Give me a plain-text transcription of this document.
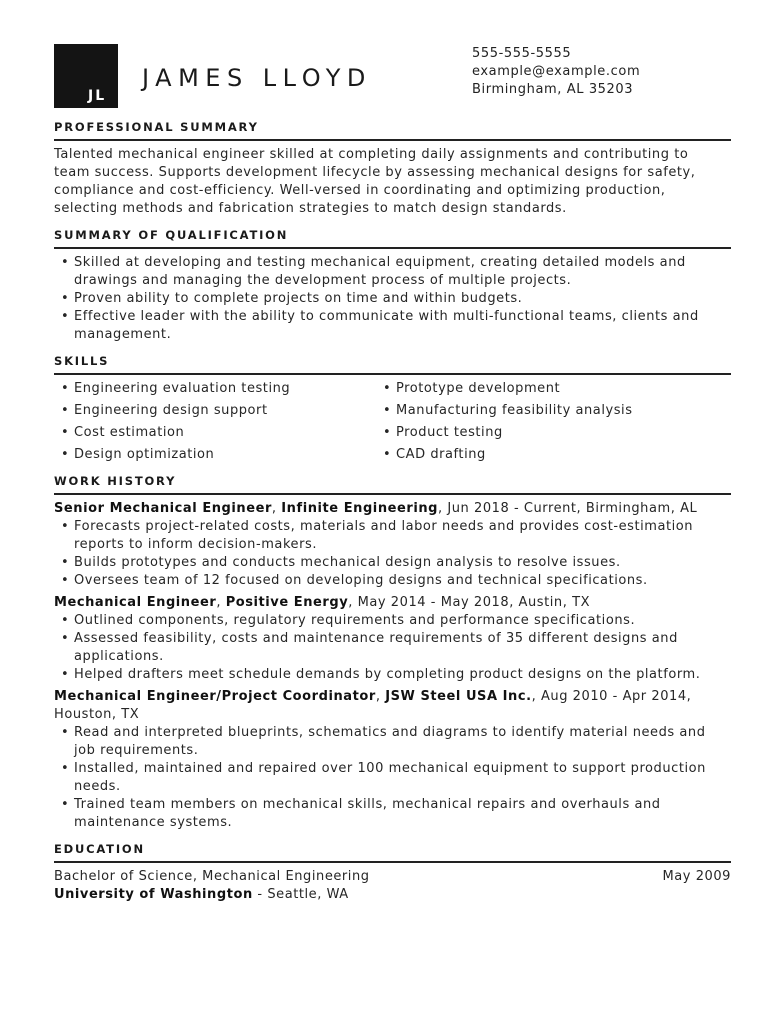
JL
JAMES LLOYD
555-555-5555
example@example.com
Birmingham, AL 35203
PROFESSIONAL SUMMARY
Talented mechanical engineer skilled at completing daily assignments and contributing to
team success. Supports development lifecycle by assessing mechanical designs for safety, compliance and cost-efficiency. Well-versed in coordinating and optimizing production, selecting methods and fabrication strategies to match design standards.
SUMMARY OF QUALIFICATION
• Skilled at developing and testing mechanical equipment, creating detailed models and drawings and managing the development process of multiple projects.
• Proven ability to complete projects on time and within budgets.
• Effective leader with the ability to communicate with multi-functional teams, clients and management.
SKILLS
• Engineering evaluation testing	• Prototype development
• Engineering design support	• Manufacturing feasibility analysis
• Cost estimation	• Product testing
• Design optimization	• CAD drafting
WORK HISTORY
Senior Mechanical Engineer, Infinite Engineering, Jun 2018 - Current, Birmingham, AL
• Forecasts project-related costs, materials and labor needs and provides cost-estimation reports to inform decision-makers.
• Builds prototypes and conducts mechanical design analysis to resolve issues.
• Oversees team of 12 focused on developing designs and technical specifications.
Mechanical Engineer, Positive Energy, May 2014 - May 2018, Austin, TX
• Outlined components, regulatory requirements and performance specifications.
• Assessed feasibility, costs and maintenance requirements of 35 different designs and applications.
• Helped drafters meet schedule demands by completing product designs on the platform.
Mechanical Engineer/Project Coordinator, JSW Steel USA Inc., Aug 2010 - Apr 2014, Houston, TX
• Read and interpreted blueprints, schematics and diagrams to identify material needs and job requirements.
• Installed, maintained and repaired over 100 mechanical equipment to support production needs.
• Trained team members on mechanical skills, mechanical repairs and overhauls and maintenance systems.
EDUCATION
Bachelor of Science, Mechanical Engineering	May 2009
University of Washington - Seattle, WA
